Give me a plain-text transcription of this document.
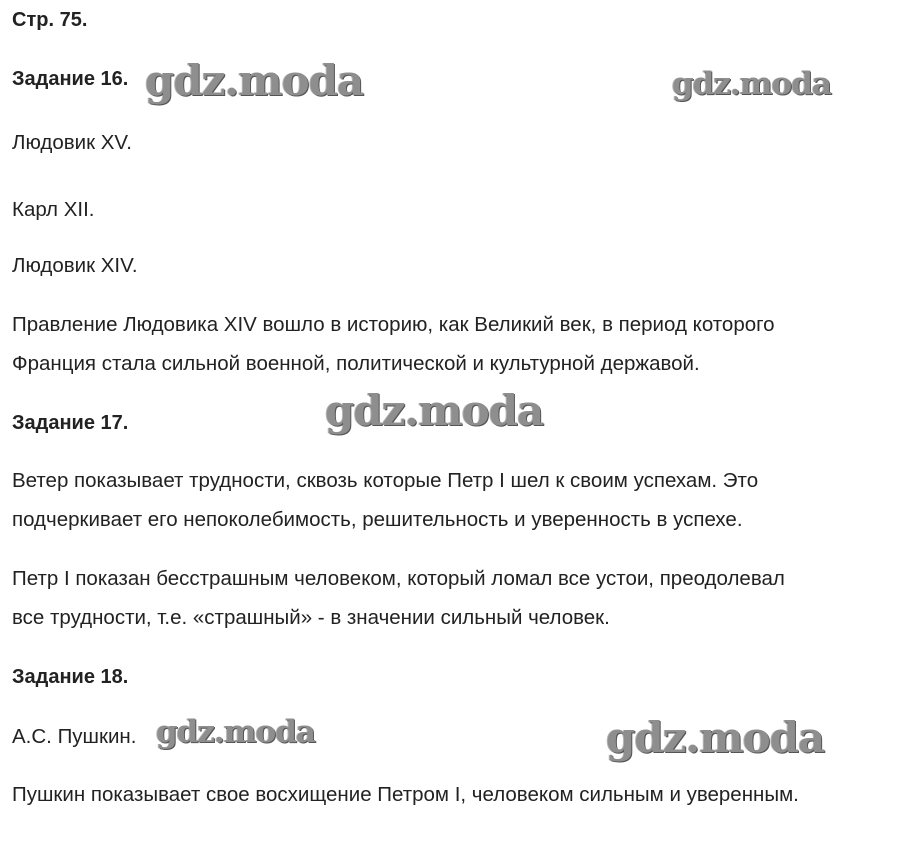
Стр. 75.
Задание 16.
Людовик XV.
Карл XII.
Людовик XIV.
Правление Людовика XIV вошло в историю, как Великий век, в период которого
Франция стала сильной военной, политической и культурной державой.
Задание 17.
Ветер показывает трудности, сквозь которые Петр I шел к своим успехам. Это
подчеркивает его непоколебимость, решительность и уверенность в успехе.
Петр I показан бесстрашным человеком, который ломал все устои, преодолевал
все трудности, т.е. «страшный» - в значении сильный человек.
Задание 18.
А.С. Пушкин.
Пушкин показывает свое восхищение Петром I, человеком сильным и уверенным.
gdz.moda	gdz.moda
gdz.moda
gdz.moda	gdz.moda
